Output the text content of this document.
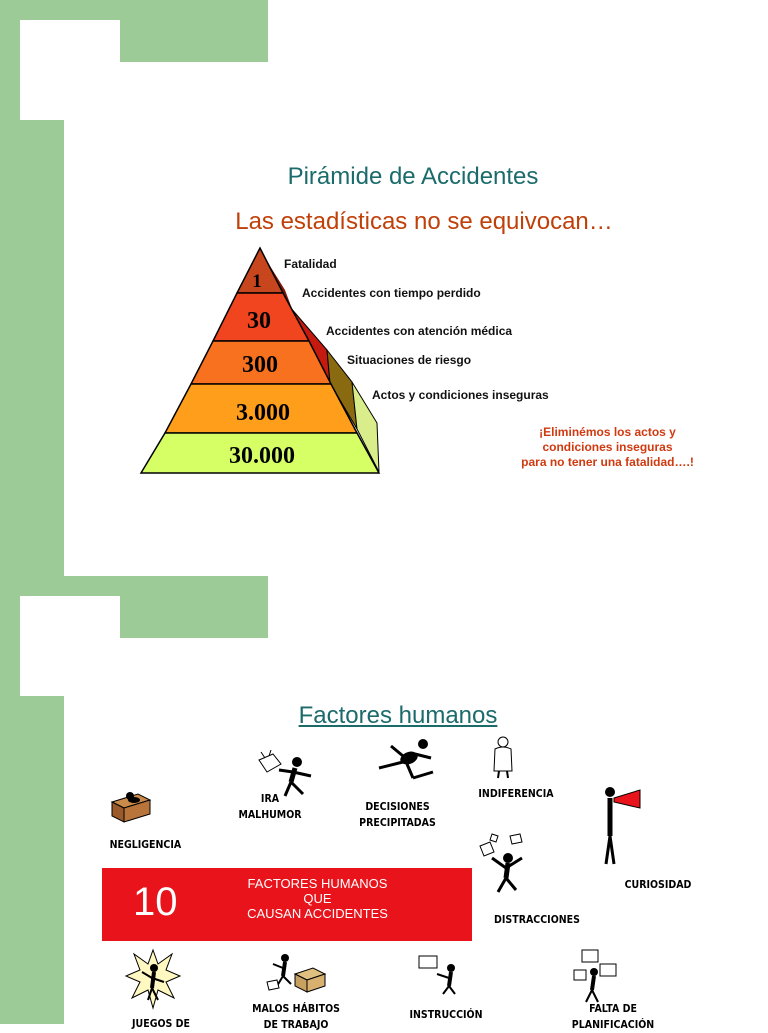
Pirámide de Accidentes
Las estadísticas no se equivocan…
1
30
300
3.000
30.000
Fatalidad
Accidentes con tiempo perdido
Accidentes con atención médica
Situaciones de riesgo
Actos y condiciones inseguras
¡Eliminémos los actos y
condiciones inseguras
para no tener una fatalidad….!
Factores humanos
10	FACTORES HUMANOS
QUE
CAUSAN ACCIDENTES
NEGLIGENCIA
IRA
MALHUMOR
DECISIONES
PRECIPITADAS
INDIFERENCIA
CURIOSIDAD
DISTRACCIONES
JUEGOS DE
MALOS HÁBITOS
DE TRABAJO
INSTRUCCIÓN	FALTA DE
PLANIFICACIÓN
